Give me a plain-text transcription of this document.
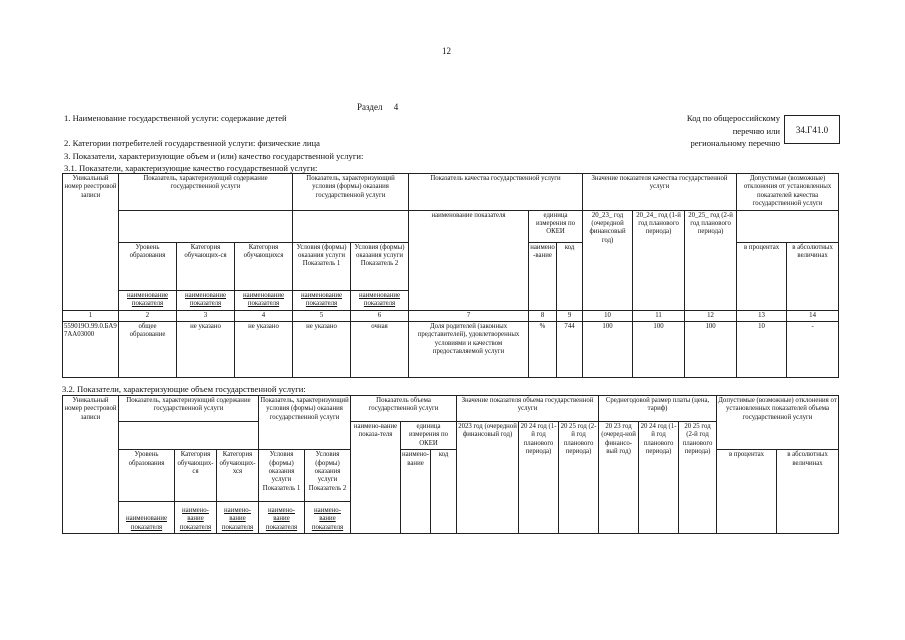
12
Раздел     4
1. Наименование государственной услуги: содержание детей
2. Категории потребителей государственной услуги: физические лица
3. Показатели, характеризующие объем и (или) качество государственной услуги:
3.1. Показатели, характеризующие качество государственной услуги:
Код по общероссийскому
перечню или
региональному перечню
34.Г41.0
Уникальный номер реестровой записи	Показатель, характеризующий содержание государственной услуги			Показатель, характеризующий условия (формы) оказания государственной услуги		Показатель качества государственной услуги			Значение показателя качества государственной услуги			Допустимые (возможные) отклонения от установленных показателей качества государственной услуги	
						наименование показателя	единица измерения по ОКЕИ		20_23_ год (очередной финансовый год)	20_24_ год (1-й год планового периода)	20_25_ год (2-й год планового периода)		
	Уровень образования	Категория обучающих-ся	Категория обучающихся	Условия (формы) оказания услуги Показатель 1	Условия (формы) оказания услуги Показатель 2		наимено-вание	код				в процентах	в абсолютных величинах
	наименование показателя	наименование показателя	наименование показателя	наименование показателя	наименование показателя								
1	2	3	4	5	6	7	8	9	10	11	12	13	14
559019О.99.0.БА97АА03000	общее образование	не указано	не указано	не указано	очная	Доля родителей (законных представителей), удовлетворенных условиями и качеством предоставляемой услуги	%	744	100	100	100	10	-
3.2. Показатели, характеризующие объем государственной услуги:
Уникальный номер реестровой записи	Показатель, характеризующий содержание государственной услуги			Показатель, характеризующий условия (формы) оказания государственной услуги		Показатель объема государственной услуги			Значение показателя объема государственной услуги			Среднегодовой размер платы (цена, тариф)			Допустимые (возможные) отклонения от установленных показателей объема государственной услуги	
						наимено-вание показа-теля	единица измерения по ОКЕИ		2023 год (очередной финансовый год)	20 24 год (1-й год планового периода)	20 25 год (2-й год планового периода)	20 23 год (очеред-ной финансо-вый год)	20 24 год (1-й год планового периода)	20 25 год (2-й год планового периода)		
	Уровень образования	Категория обучающих-ся	Категория обучающих-хся	Условия (формы) оказания услуги Показатель 1	Условия (формы) оказания услуги Показатель 2		наимено-вание	код							в процентах	в абсолютных величинах
	наименование показателя	наимено-вание показателя	наимено-вание показателя	наимено-вание показателя	наимено-вание показателя											
